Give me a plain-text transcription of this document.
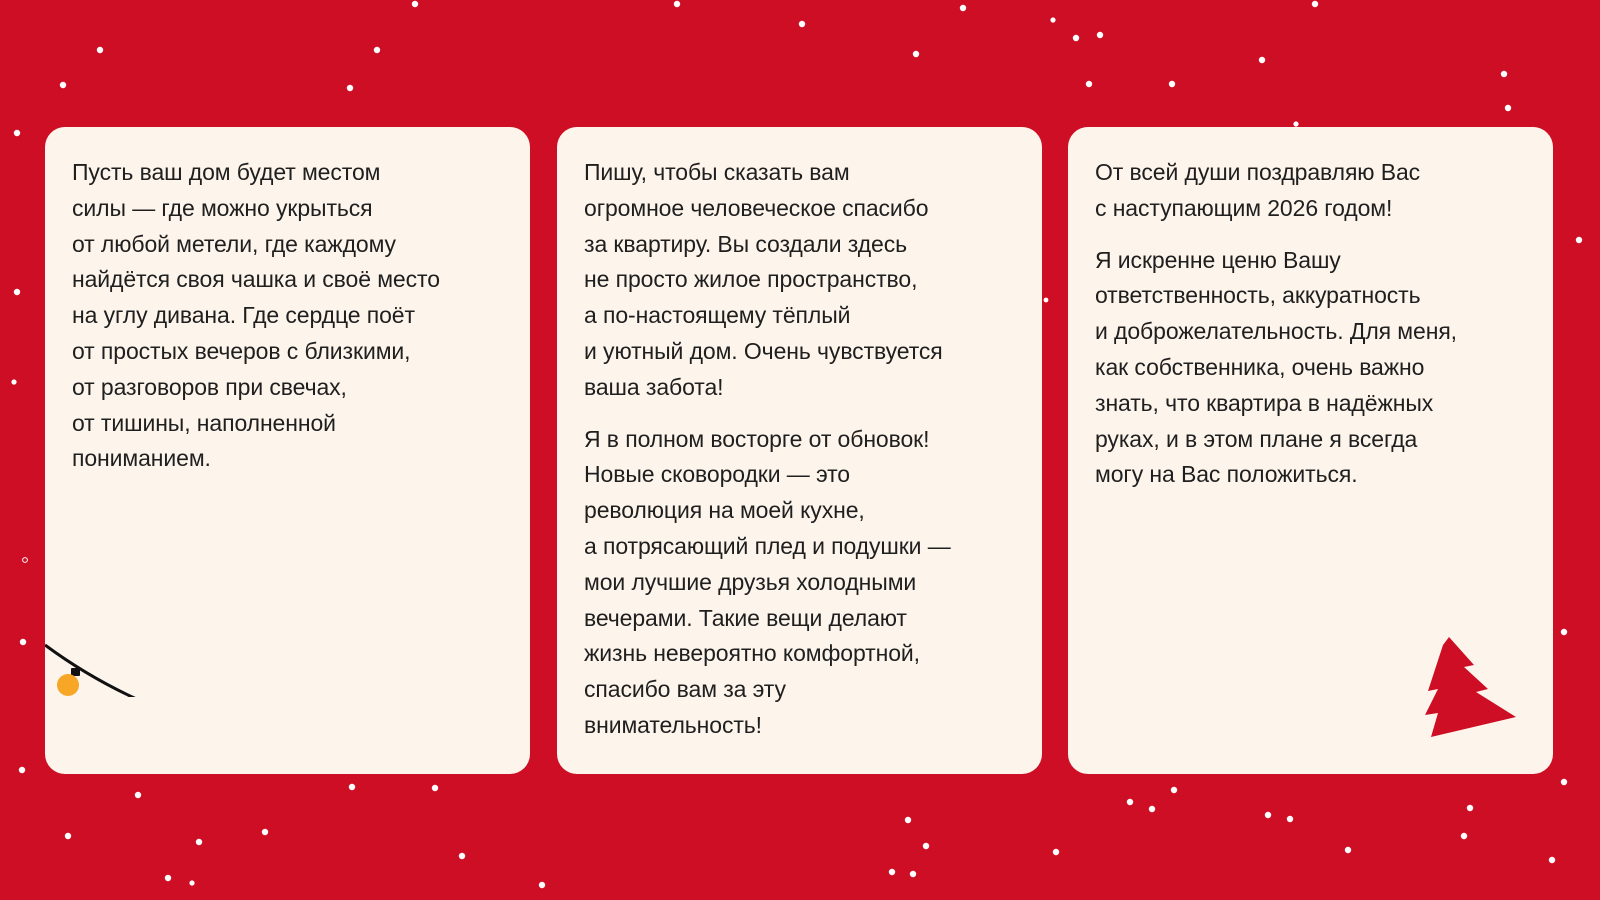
Пусть ваш дом будет местом
силы — где можно укрыться
от любой метели, где каждому
найдётся своя чашка и своё место
на углу дивана. Где сердце поёт
от простых вечеров с близкими,
от разговоров при свечах,
от тишины, наполненной
пониманием.

Пишу, чтобы сказать вам
огромное человеческое спасибо
за квартиру. Вы создали здесь
не просто жилое пространство,
а по-настоящему тёплый
и уютный дом. Очень чувствуется
ваша забота!

Я в полном восторге от обновок!
Новые сковородки — это
революция на моей кухне,
а потрясающий плед и подушки —
мои лучшие друзья холодными
вечерами. Такие вещи делают
жизнь невероятно комфортной,
спасибо вам за эту
внимательность!

От всей души поздравляю Вас
с наступающим 2026 годом!

Я искренне ценю Вашу
ответственность, аккуратность
и доброжелательность. Для меня,
как собственника, очень важно
знать, что квартира в надёжных
руках, и в этом плане я всегда
могу на Вас положиться.
